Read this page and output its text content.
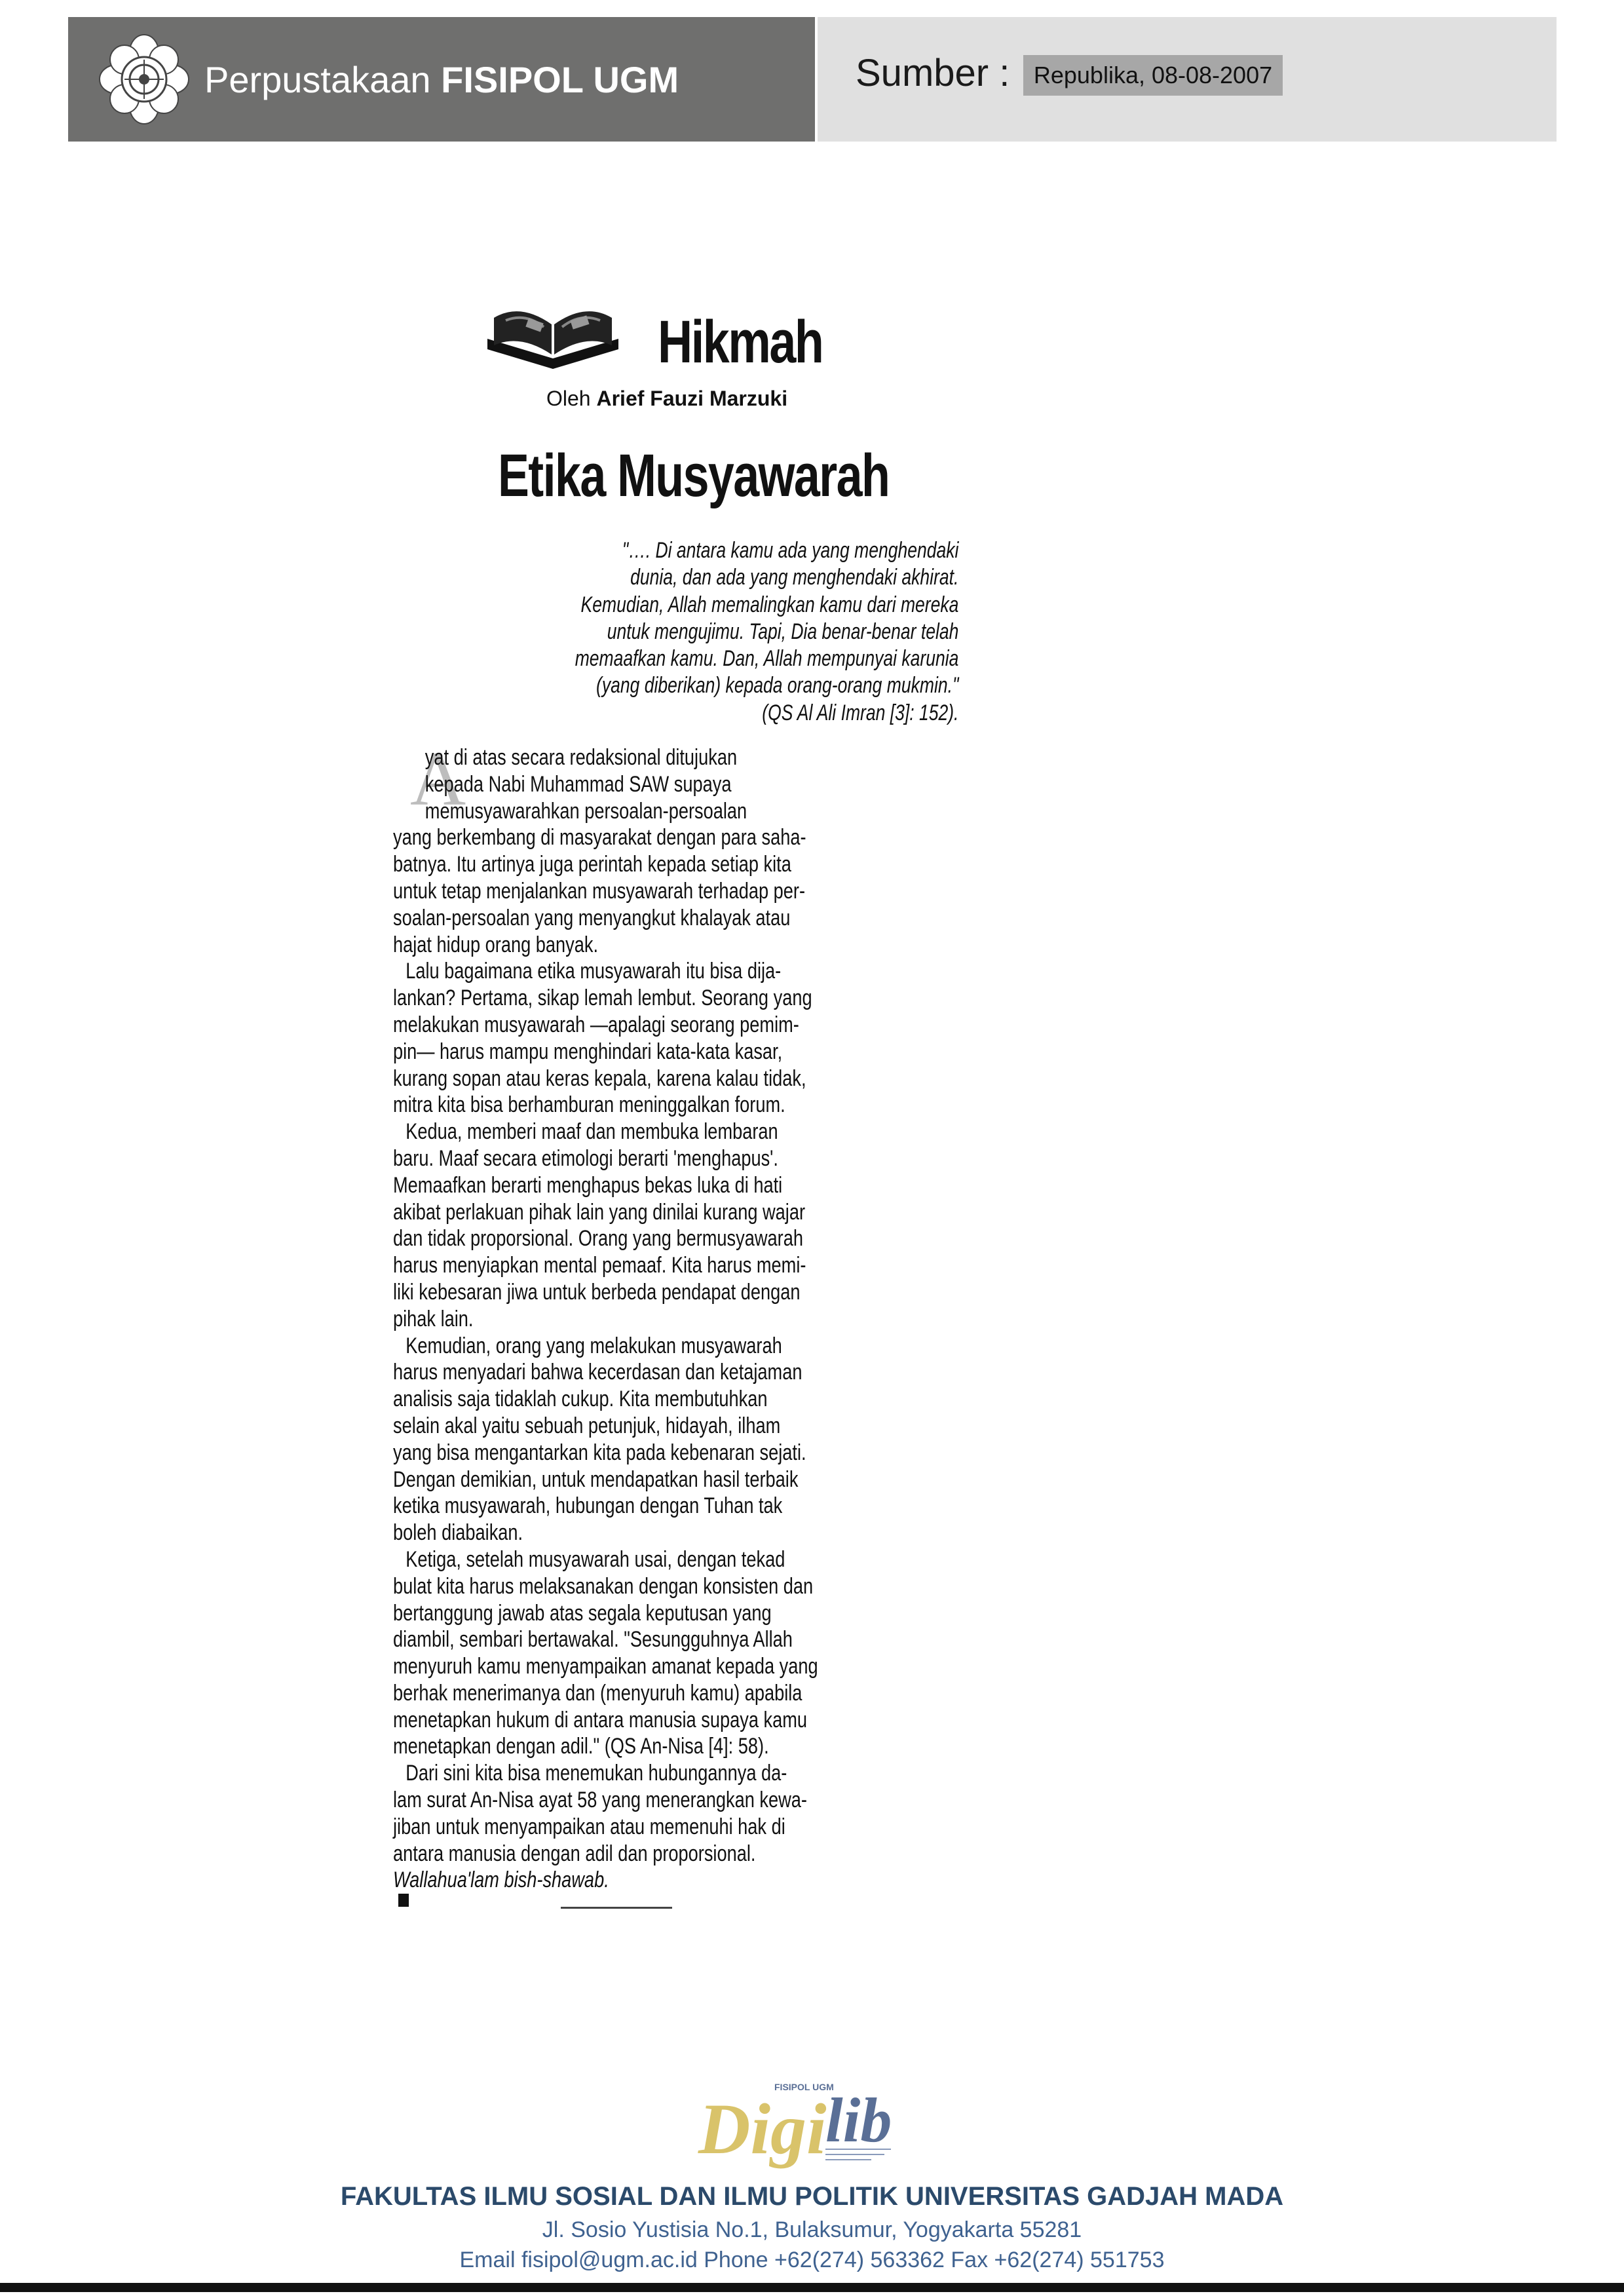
Perpustakaan FISIPOL UGM	Sumber :	Republika, 08-08-2007
Hikmah
Oleh Arief Fauzi Marzuki
Etika Musyawarah
"…. Di antara kamu ada yang menghendaki
dunia, dan ada yang menghendaki akhirat.
Kemudian, Allah memalingkan kamu dari mereka
untuk mengujimu. Tapi, Dia benar-benar telah
memaafkan kamu. Dan, Allah mempunyai karunia
(yang diberikan) kepada orang-orang mukmin."
(QS Al Ali Imran [3]: 152).
A
yat di atas secara redaksional ditujukan
kepada Nabi Muhammad SAW supaya
memusyawarahkan persoalan-persoalan
yang berkembang di masyarakat dengan para saha-
batnya. Itu artinya juga perintah kepada setiap kita
untuk tetap menjalankan musyawarah terhadap per-
soalan-persoalan yang menyangkut khalayak atau
hajat hidup orang banyak.
Lalu bagaimana etika musyawarah itu bisa dija-
lankan? Pertama, sikap lemah lembut. Seorang yang
melakukan musyawarah —apalagi seorang pemim-
pin— harus mampu menghindari kata-kata kasar,
kurang sopan atau keras kepala, karena kalau tidak,
mitra kita bisa berhamburan meninggalkan forum.
Kedua, memberi maaf dan membuka lembaran
baru. Maaf secara etimologi berarti 'menghapus'.
Memaafkan berarti menghapus bekas luka di hati
akibat perlakuan pihak lain yang dinilai kurang wajar
dan tidak proporsional. Orang yang bermusyawarah
harus menyiapkan mental pemaaf. Kita harus memi-
liki kebesaran jiwa untuk berbeda pendapat dengan
pihak lain.
Kemudian, orang yang melakukan musyawarah
harus menyadari bahwa kecerdasan dan ketajaman
analisis saja tidaklah cukup. Kita membutuhkan
selain akal yaitu sebuah petunjuk, hidayah, ilham
yang bisa mengantarkan kita pada kebenaran sejati.
Dengan demikian, untuk mendapatkan hasil terbaik
ketika musyawarah, hubungan dengan Tuhan tak
boleh diabaikan.
Ketiga, setelah musyawarah usai, dengan tekad
bulat kita harus melaksanakan dengan konsisten dan
bertanggung jawab atas segala keputusan yang
diambil, sembari bertawakal. "Sesungguhnya Allah
menyuruh kamu menyampaikan amanat kepada yang
berhak menerimanya dan (menyuruh kamu) apabila
menetapkan hukum di antara manusia supaya kamu
menetapkan dengan adil." (QS An-Nisa [4]: 58).
Dari sini kita bisa menemukan hubungannya da-
lam surat An-Nisa ayat 58 yang menerangkan kewa-
jiban untuk menyampaikan atau memenuhi hak di
antara manusia dengan adil dan proporsional.
Wallahua'lam bish-shawab.
FISIPOL UGM
Digi
lib
FAKULTAS ILMU SOSIAL DAN ILMU POLITIK UNIVERSITAS GADJAH MADA
Jl. Sosio Yustisia No.1, Bulaksumur, Yogyakarta 55281
Email fisipol@ugm.ac.id Phone +62(274) 563362 Fax +62(274) 551753
